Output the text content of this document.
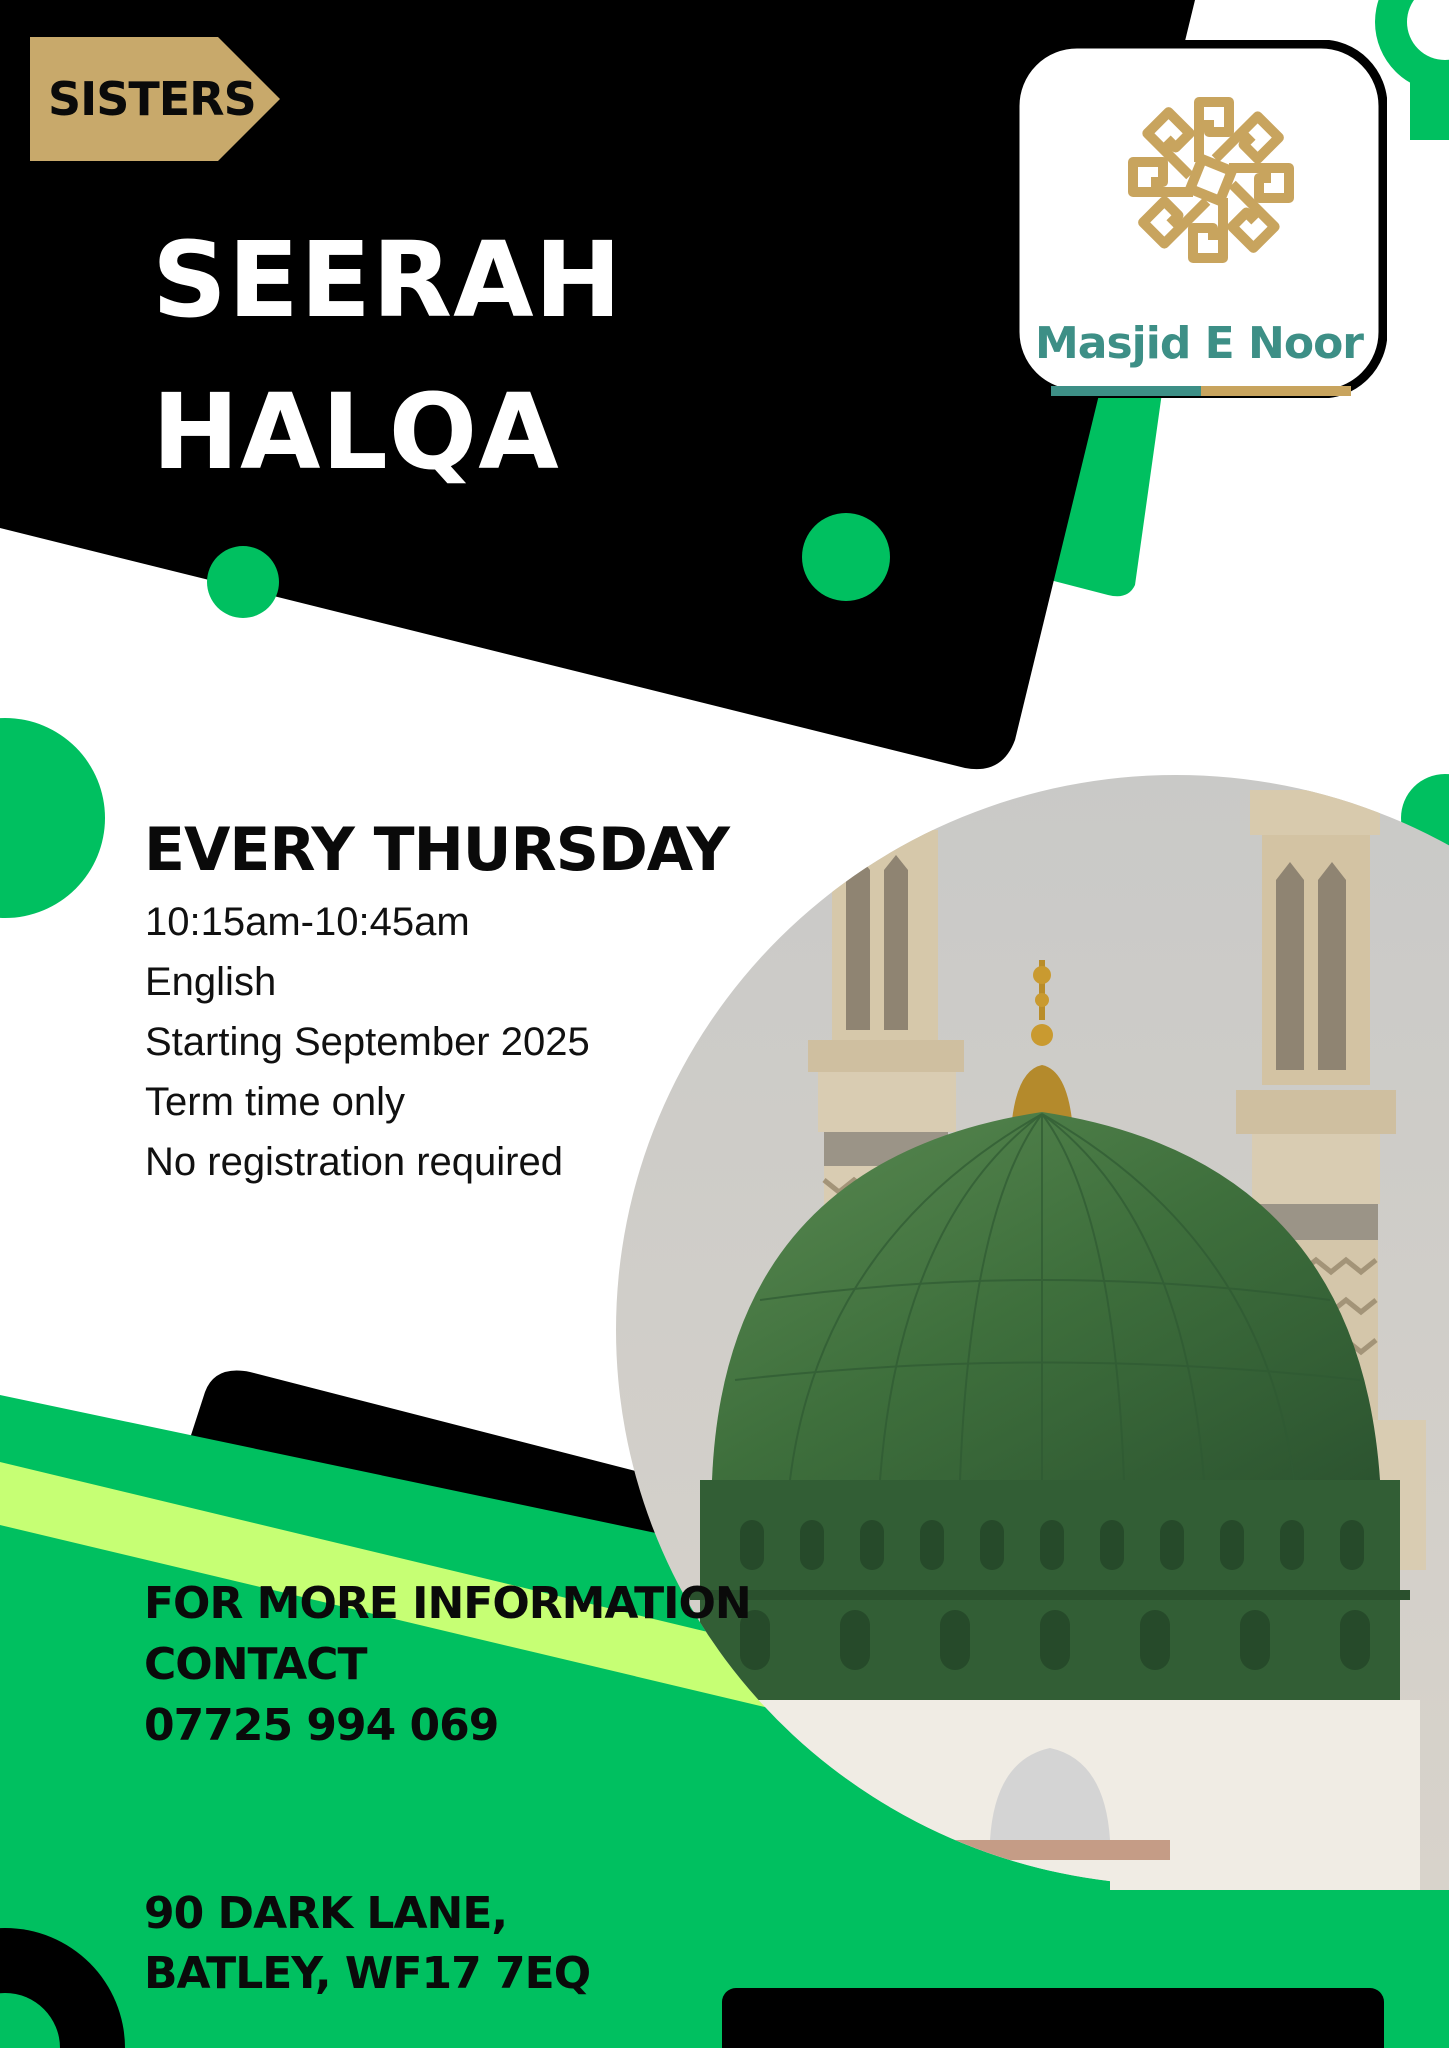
SISTERS
SEERAH
HALQA
Masjid E Noor
EVERY THURSDAY
10:15am-10:45am
English
Starting September 2025
Term time only
No registration required
FOR MORE INFORMATION
CONTACT
07725 994 069
90 DARK LANE,
BATLEY, WF17 7EQ
